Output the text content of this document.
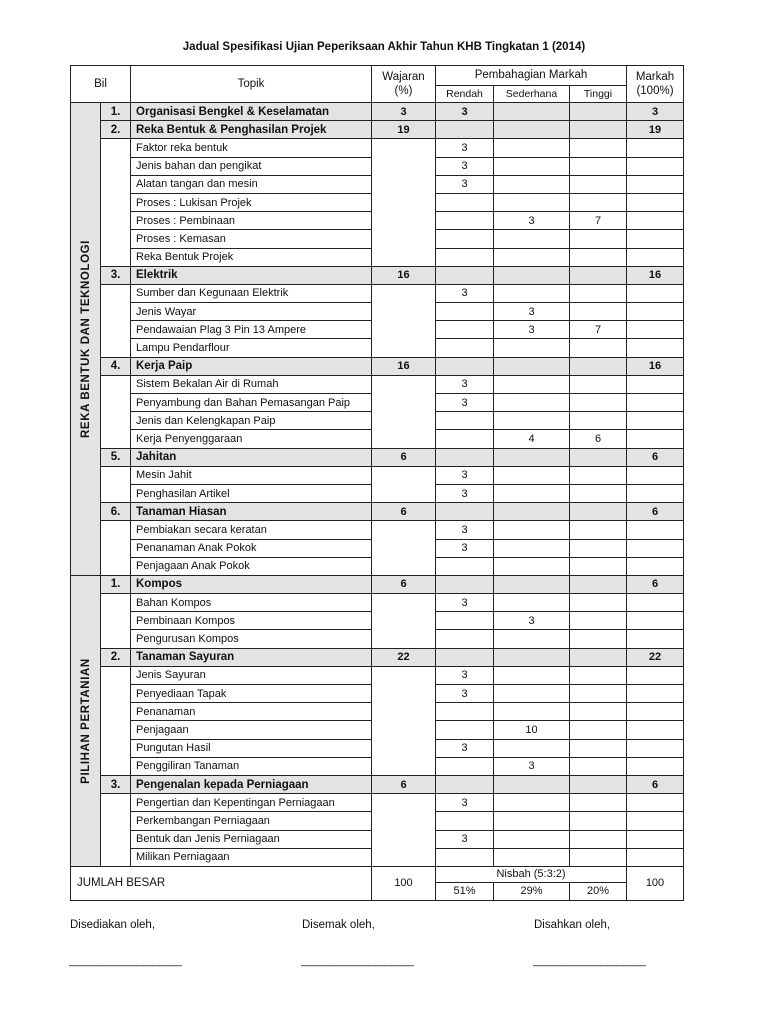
Jadual Spesifikasi Ujian Peperiksaan Akhir Tahun KHB Tingkatan 1 (2014)
Bil		Topik	Wajaran
(%)	Pembahagian Markah			Markah
(100%)
				Rendah	Sederhana	Tinggi	

REKA BENTUK DAN TEKNOLOGI	1.	Organisasi Bengkel & Keselamatan	3	3			3
	2.	Reka Bentuk & Penghasilan Projek	19				19
		Faktor reka bentuk		3			
		Jenis bahan dan pengikat		3			
		Alatan tangan dan mesin		3			
		Proses : Lukisan Projek					
		Proses : Pembinaan			3	7	
		Proses : Kemasan					
		Reka Bentuk Projek					
	3.	Elektrik	16				16
		Sumber dan Kegunaan Elektrik		3			
		Jenis Wayar			3		
		Pendawaian Plag 3 Pin 13 Ampere			3	7	
		Lampu Pendarflour					
	4.	Kerja Paip	16				16
		Sistem Bekalan Air di Rumah		3			
		Penyambung dan Bahan Pemasangan Paip		3			
		Jenis dan Kelengkapan Paip					
		Kerja Penyenggaraan			4	6	
	5.	Jahitan	6				6
		Mesin Jahit		3			
		Penghasilan Artikel		3			
	6.	Tanaman Hiasan	6				6
		Pembiakan secara keratan		3			
		Penanaman Anak Pokok		3			
		Penjagaan Anak Pokok					

PILIHAN PERTANIAN	1.	Kompos	6				6
		Bahan Kompos		3			
		Pembinaan Kompos			3		
		Pengurusan Kompos					
	2.	Tanaman Sayuran	22				22
		Jenis Sayuran		3			
		Penyediaan Tapak		3			
		Penanaman					
		Penjagaan			10		
		Pungutan Hasil		3			
		Penggiliran Tanaman			3		
	3.	Pengenalan kepada Perniagaan	6				6
		Pengertian dan Kepentingan Perniagaan		3			
		Perkembangan Perniagaan					
		Bentuk dan Jenis Perniagaan		3			
		Milikan Perniagaan					
JUMLAH BESAR			100	Nisbah (5:3:2)			100
				51%	29%	20%	
Disediakan oleh,	Disemak oleh,	Disahkan oleh,
____________________	____________________	____________________
